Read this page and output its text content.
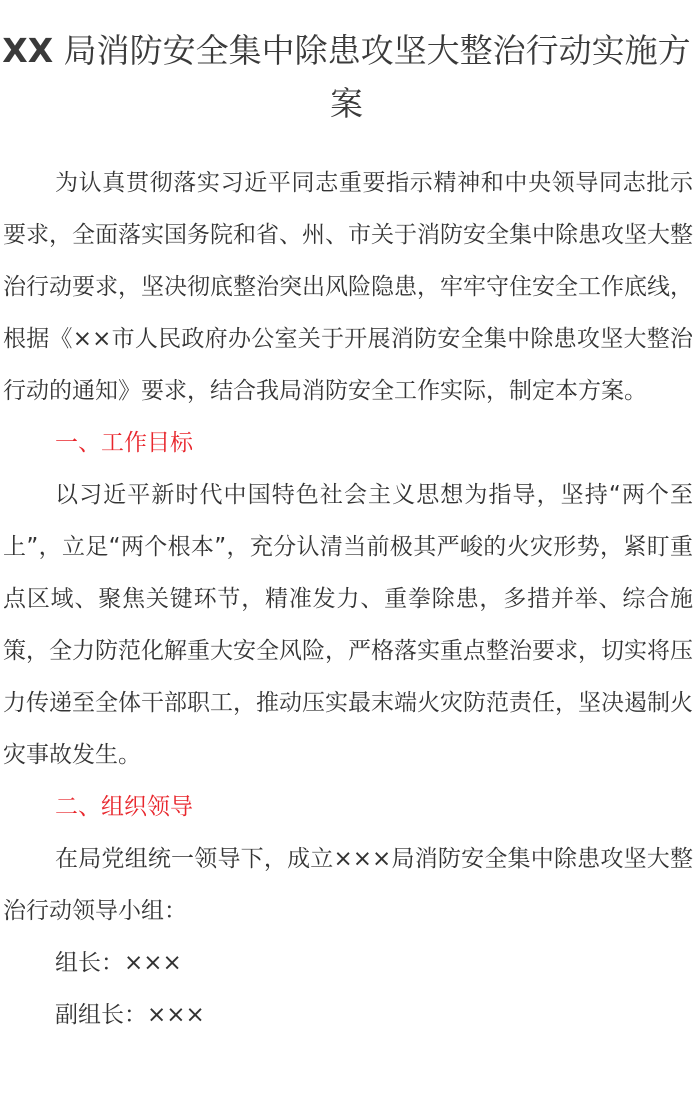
XX 局消防安全集中除患攻坚大整治行动实施方案

为认真贯彻落实习近平同志重要指示精神和中央领导同志批示要求，全面落实国务院和省、州、市关于消防安全集中除患攻坚大整治行动要求，坚决彻底整治突出风险隐患，牢牢守住安全工作底线，根据《××市人民政府办公室关于开展消防安全集中除患攻坚大整治行动的通知》要求，结合我局消防安全工作实际，制定本方案。

一、工作目标

以习近平新时代中国特色社会主义思想为指导，坚持“两个至上”，立足“两个根本”，充分认清当前极其严峻的火灾形势，紧盯重点区域、聚焦关键环节，精准发力、重拳除患，多措并举、综合施策，全力防范化解重大安全风险，严格落实重点整治要求，切实将压力传递至全体干部职工，推动压实最末端火灾防范责任，坚决遏制火灾事故发生。

二、组织领导

在局党组统一领导下，成立×××局消防安全集中除患攻坚大整治行动领导小组：

组长：×××

副组长：×××
